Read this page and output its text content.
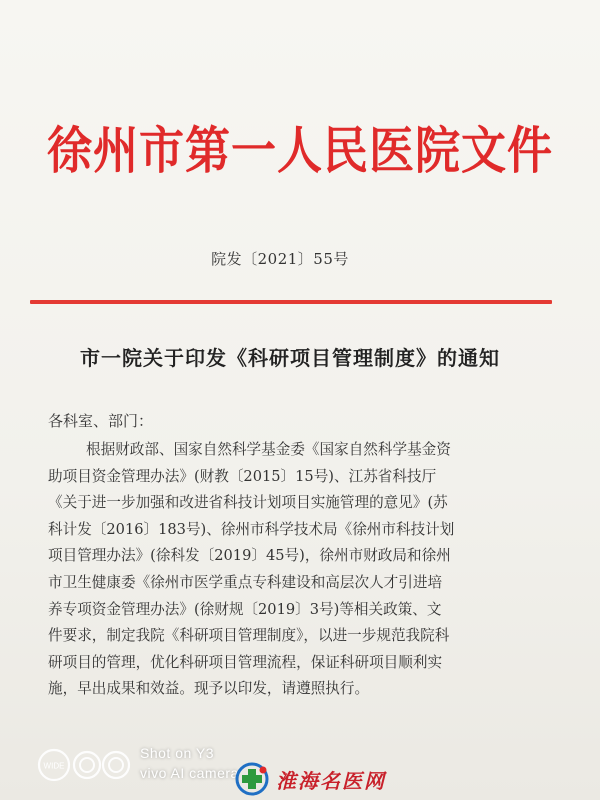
徐州市第一人民医院文件
院发〔2021〕55号
市一院关于印发《科研项目管理制度》的通知
各科室、部门：
根据财政部、国家自然科学基金委《国家自然科学基金资
助项目资金管理办法》(财教〔2015〕15号)、江苏省科技厅
《关于进一步加强和改进省科技计划项目实施管理的意见》(苏
科计发〔2016〕183号)、徐州市科学技术局《徐州市科技计划
项目管理办法》(徐科发〔2019〕45号)，徐州市财政局和徐州
市卫生健康委《徐州市医学重点专科建设和高层次人才引进培
养专项资金管理办法》(徐财规〔2019〕3号)等相关政策、文
件要求，制定我院《科研项目管理制度》，以进一步规范我院科
研项目的管理，优化科研项目管理流程，保证科研项目顺利实
施，早出成果和效益。现予以印发，请遵照执行。
WIDE
Shot on Y3
vivo AI camera 淮海名医网
